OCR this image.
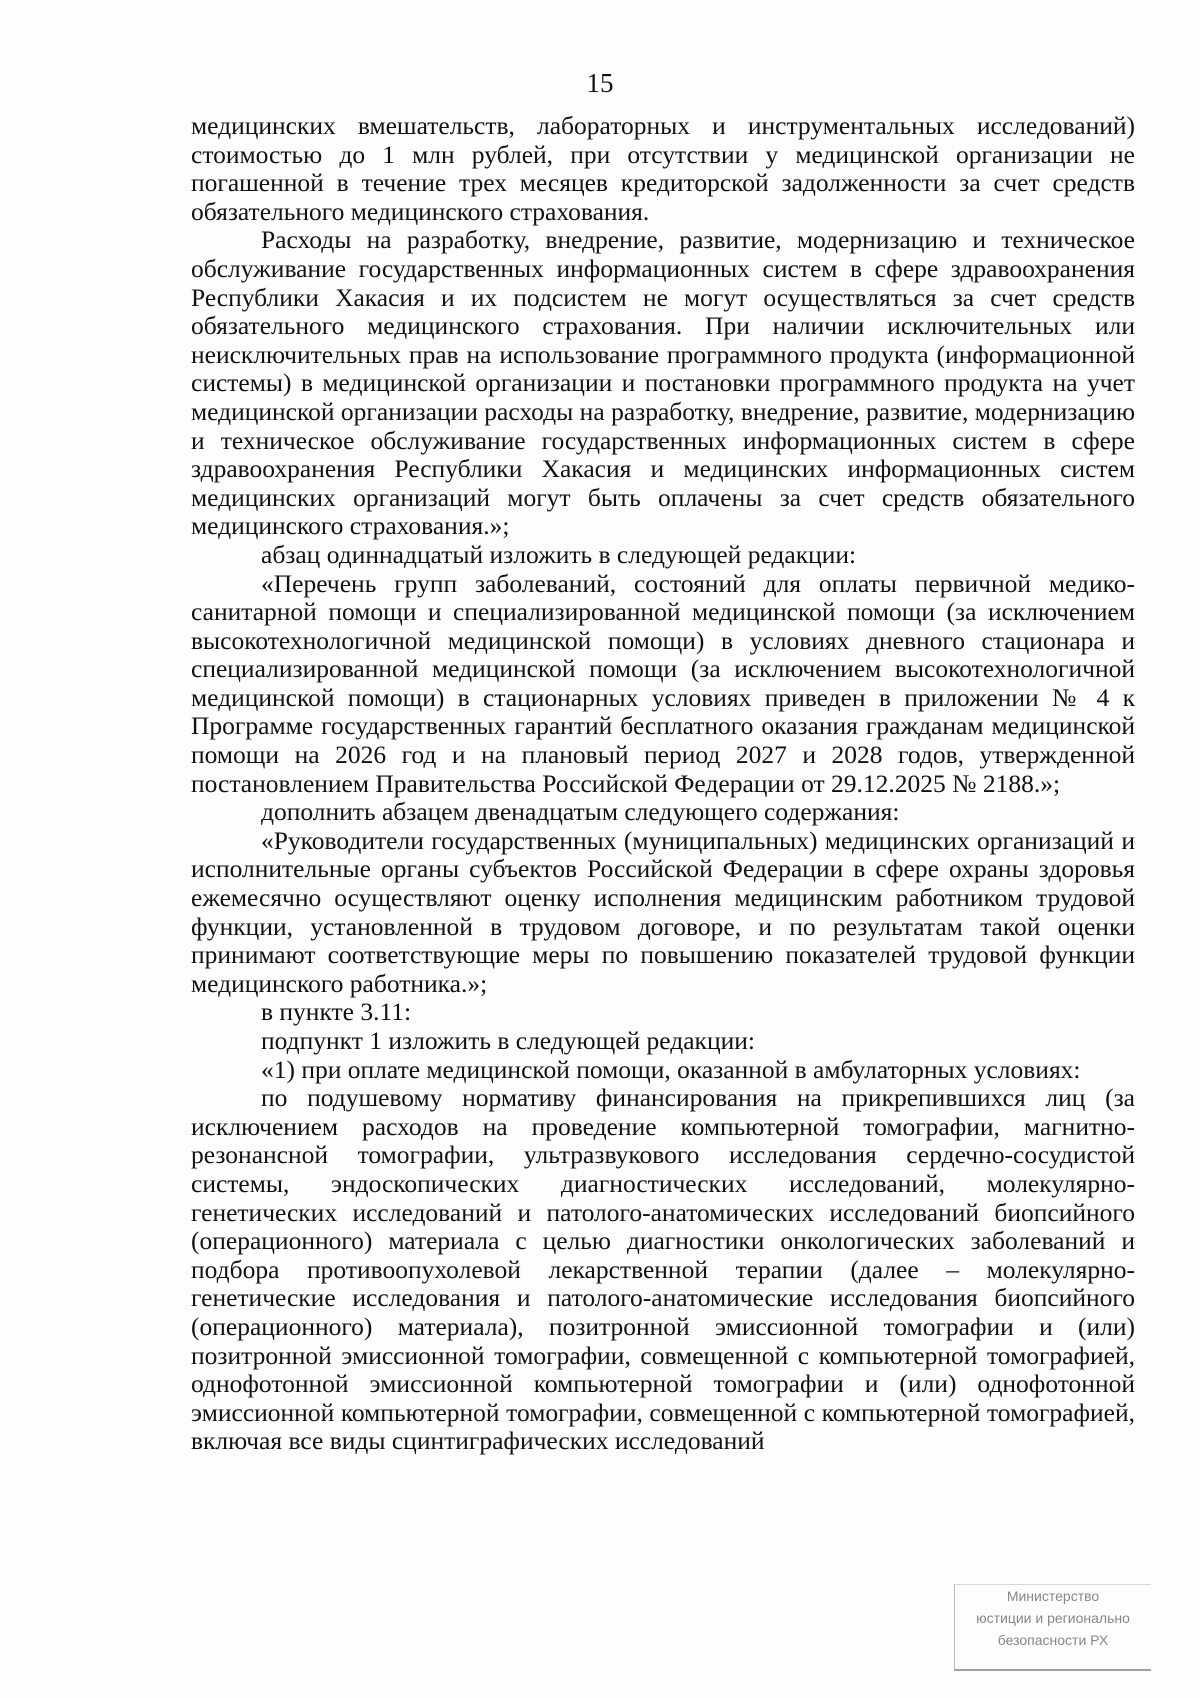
15

медицинских вмешательств, лабораторных и инструментальных исследований) стоимостью до 1 млн рублей, при отсутствии у медицинской организации не погашенной в течение трех месяцев кредиторской задолженности за счет средств обязательного медицинского страхования.

Расходы на разработку, внедрение, развитие, модернизацию и техническое обслуживание государственных информационных систем в сфере здравоохранения Республики Хакасия и их подсистем не могут осуществляться за счет средств обязательного медицинского страхования. При наличии исключительных или неисключительных прав на использование программного продукта (информационной системы) в медицинской организации и постановки программного продукта на учет медицинской организации расходы на разработку, внедрение, развитие, модернизацию и техническое обслуживание государственных информационных систем в сфере здравоохранения Республики Хакасия и медицинских информационных систем медицинских организаций могут быть оплачены за счет средств обязательного медицинского страхования.»;

абзац одиннадцатый изложить в следующей редакции:

«Перечень групп заболеваний, состояний для оплаты первичной медико-санитарной помощи и специализированной медицинской помощи (за исключением высокотехнологичной медицинской помощи) в условиях дневного стационара и специализированной медицинской помощи (за исключением высокотехнологичной медицинской помощи) в стационарных условиях приведен в приложении № 4 к Программе государственных гарантий бесплатного оказания гражданам медицинской помощи на 2026 год и на плановый период 2027 и 2028 годов, утвержденной постановлением Правительства Российской Федерации от 29.12.2025 № 2188.»;

дополнить абзацем двенадцатым следующего содержания:

«Руководители государственных (муниципальных) медицинских организаций и исполнительные органы субъектов Российской Федерации в сфере охраны здоровья ежемесячно осуществляют оценку исполнения медицинским работником трудовой функции, установленной в трудовом договоре, и по результатам такой оценки принимают соответствующие меры по повышению показателей трудовой функции медицинского работника.»;

в пункте 3.11:

подпункт 1 изложить в следующей редакции:

«1) при оплате медицинской помощи, оказанной в амбулаторных условиях:

по подушевому нормативу финансирования на прикрепившихся лиц (за исключением расходов на проведение компьютерной томографии, магнитно-резонансной томографии, ультразвукового исследования сердечно-сосудистой системы, эндоскопических диагностических исследований, молекулярно-генетических исследований и патолого-анатомических исследований биопсийного (операционного) материала с целью диагностики онкологических заболеваний и подбора противоопухолевой лекарственной терапии (далее – молекулярно-генетические исследования и патолого-анатомические исследования биопсийного (операционного) материала), позитронной эмиссионной томографии и (или) позитронной эмиссионной томографии, совмещенной с компьютерной томографией, однофотонной эмиссионной компьютерной томографии и (или) однофотонной эмиссионной компьютерной томографии, совмещенной с компьютерной томографией, включая все виды сцинтиграфических исследований

Министерство
юстиции и регионально
безопасности РХ
